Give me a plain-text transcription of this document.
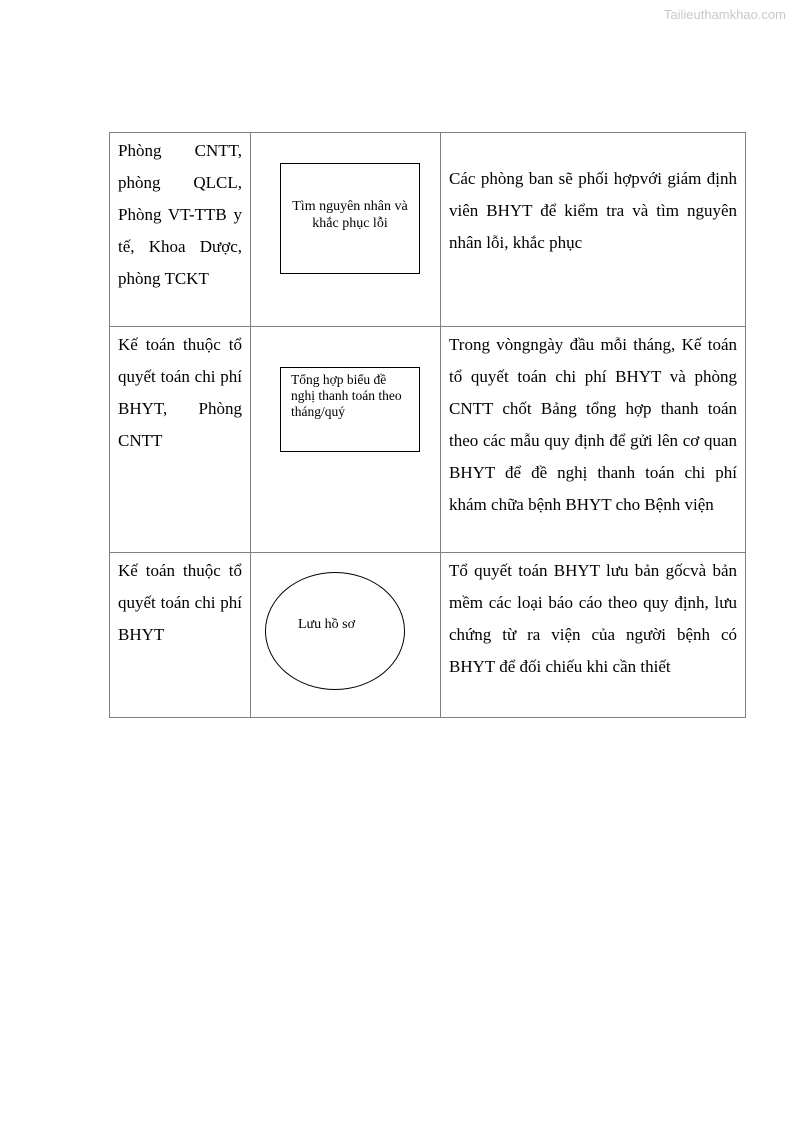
Tailieuthamkhao.com
Phòng CNTT, phòng QLCL, Phòng VT-TTB y tế, Khoa Dược, phòng TCKT	Tìm nguyên nhân và khắc phục lỗi	Các phòng ban sẽ phối hợpvới giám định viên BHYT để kiểm tra và tìm nguyên nhân lỗi, khắc phục

Kế toán thuộc tổ quyết toán chi phí BHYT, Phòng CNTT	Tổng hợp biểu đề nghị thanh toán theo tháng/quý	Trong vòngngày đầu mỗi tháng, Kế toán tổ quyết toán chi phí BHYT và phòng CNTT chốt Bảng tổng hợp thanh toán theo các mẫu quy định để gửi lên cơ quan BHYT để đề nghị thanh toán chi phí khám chữa bệnh BHYT cho Bệnh viện

Kế toán thuộc tổ quyết toán chi phí BHYT	Lưu hồ sơ	Tổ quyết toán BHYT lưu bản gốcvà bản mềm các loại báo cáo theo quy định, lưu chứng từ ra viện của người bệnh có BHYT để đối chiếu khi cần thiết
